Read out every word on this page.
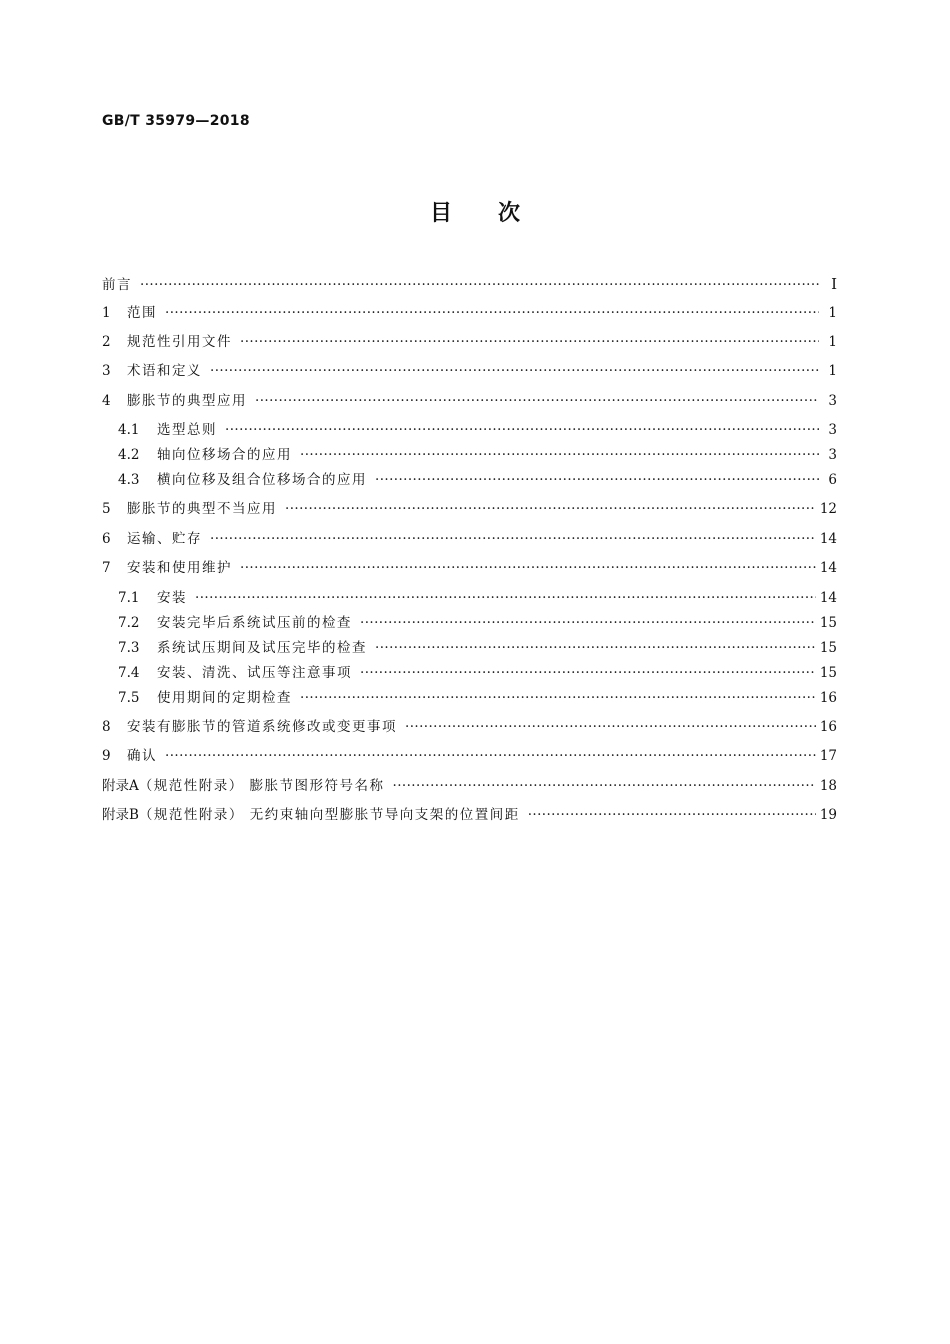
GB/T 35979—2018
目次
前言 ·····	Ⅰ
1	范围 ·····	1
2	规范性引用文件 ·····	1
3	术语和定义 ·····	1
4	膨胀节的典型应用 ·····	3
4.1	选型总则 ·····	3
4.2	轴向位移场合的应用 ·····	3
4.3	横向位移及组合位移场合的应用 ·····	6
5	膨胀节的典型不当应用 ·····	12
6	运输、贮存 ·····	14
7	安装和使用维护 ·····	14
7.1	安装 ·····	14
7.2	安装完毕后系统试压前的检查 ·····	15
7.3	系统试压期间及试压完毕的检查 ·····	15
7.4	安装、清洗、试压等注意事项 ·····	15
7.5	使用期间的定期检查 ·····	16
8	安装有膨胀节的管道系统修改或变更事项 ·····	16
9	确认 ·····	17
附录A （规范性附录） 膨胀节图形符号名称 ·····	18
附录B （规范性附录） 无约束轴向型膨胀节导向支架的位置间距 ·····	19
